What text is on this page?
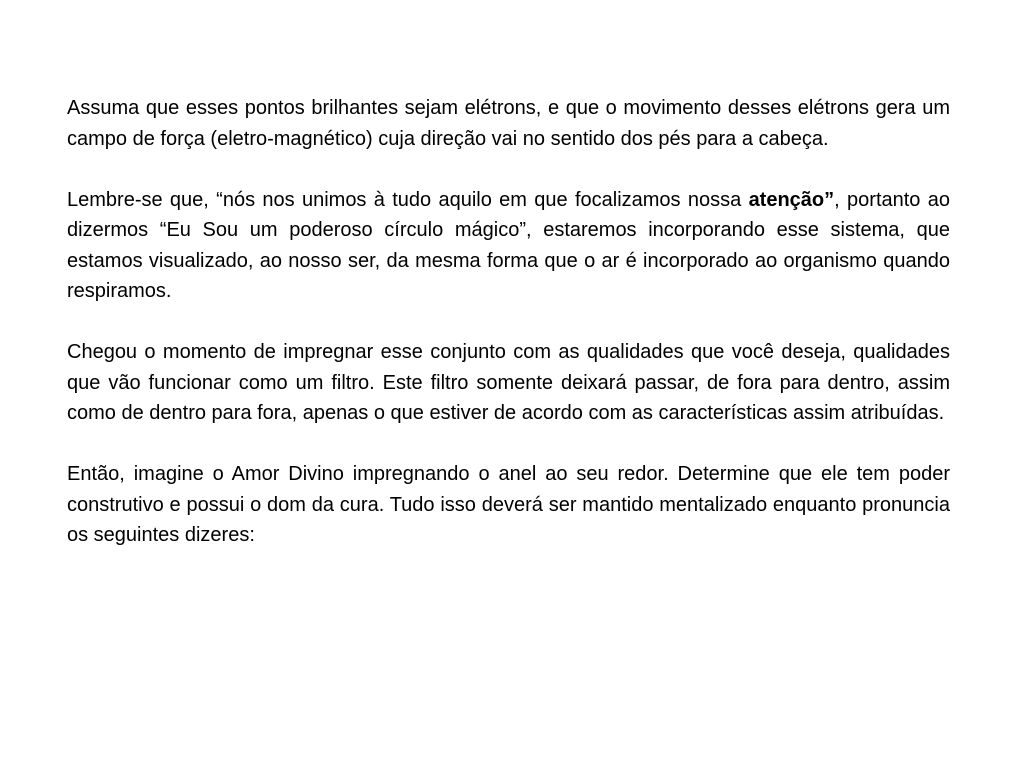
Assuma que esses pontos brilhantes sejam elétrons, e que o movimento desses elétrons gera um campo de força (eletro-magnético) cuja direção vai no sentido dos pés para a cabeça.

Lembre-se que, “nós nos unimos à tudo aquilo em que focalizamos nossa atenção”, portanto ao dizermos “Eu Sou um poderoso círculo mágico”, estaremos incorporando esse sistema, que estamos visualizado, ao nosso ser, da mesma forma que o ar é incorporado ao organismo quando respiramos.

Chegou o momento de impregnar esse conjunto com as qualidades que você deseja, qualidades que vão funcionar como um filtro. Este filtro somente deixará passar, de fora para dentro, assim como de dentro para fora, apenas o que estiver de acordo com as características assim atribuídas.

Então, imagine o Amor Divino impregnando o anel ao seu redor. Determine que ele tem poder construtivo e possui o dom da cura. Tudo isso deverá ser mantido mentalizado enquanto pronuncia os seguintes dizeres:
